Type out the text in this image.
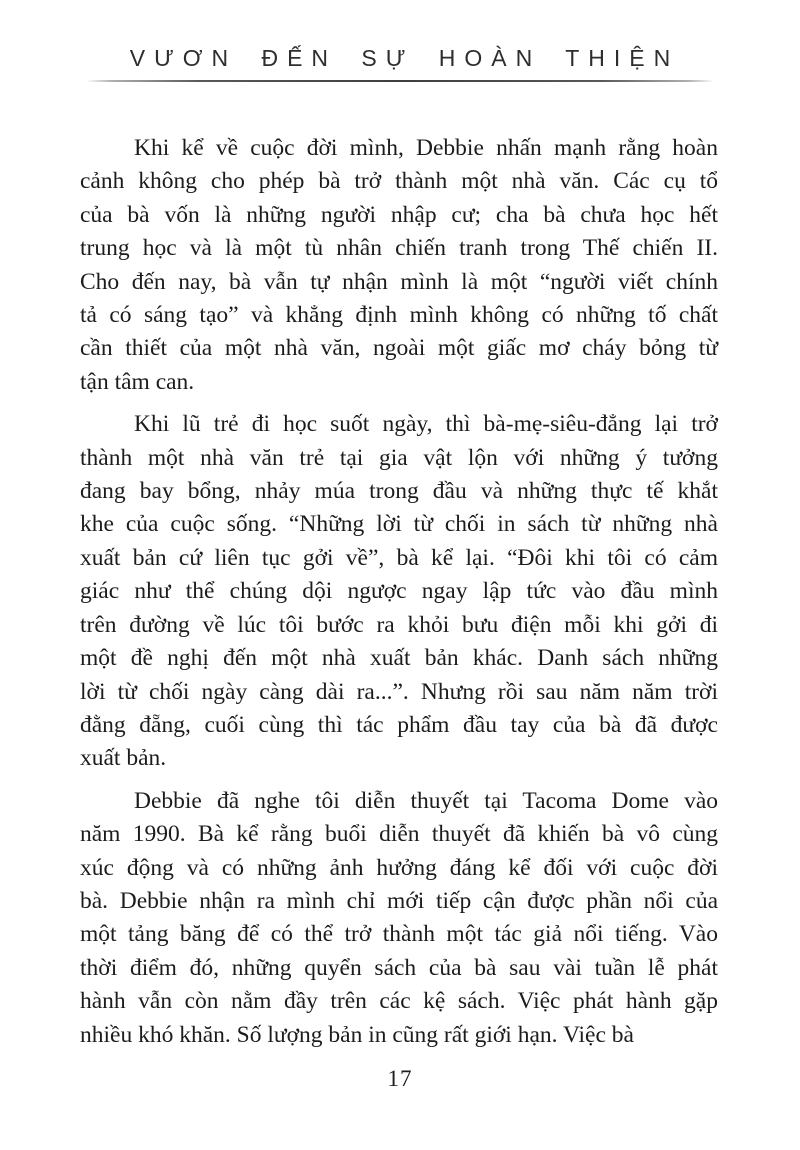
VƯƠN ĐẾN SỰ HOÀN THIỆN
Khi kể về cuộc đời mình, Debbie nhấn mạnh rằng hoàn
cảnh không cho phép bà trở thành một nhà văn. Các cụ tổ
của bà vốn là những người nhập cư; cha bà chưa học hết
trung học và là một tù nhân chiến tranh trong Thế chiến II.
Cho đến nay, bà vẫn tự nhận mình là một “người viết chính
tả có sáng tạo” và khẳng định mình không có những tố chất
cần thiết của một nhà văn, ngoài một giấc mơ cháy bỏng từ
tận tâm can.
Khi lũ trẻ đi học suốt ngày, thì bà-mẹ-siêu-đẳng lại trở
thành một nhà văn trẻ tại gia vật lộn với những ý tưởng
đang bay bổng, nhảy múa trong đầu và những thực tế khắt
khe của cuộc sống. “Những lời từ chối in sách từ những nhà
xuất bản cứ liên tục gởi về”, bà kể lại. “Đôi khi tôi có cảm
giác như thể chúng dội ngược ngay lập tức vào đầu mình
trên đường về lúc tôi bước ra khỏi bưu điện mỗi khi gởi đi
một đề nghị đến một nhà xuất bản khác. Danh sách những
lời từ chối ngày càng dài ra...”. Nhưng rồi sau năm năm trời
đằng đẵng, cuối cùng thì tác phẩm đầu tay của bà đã được
xuất bản.
Debbie đã nghe tôi diễn thuyết tại Tacoma Dome vào
năm 1990. Bà kể rằng buổi diễn thuyết đã khiến bà vô cùng
xúc động và có những ảnh hưởng đáng kể đối với cuộc đời
bà. Debbie nhận ra mình chỉ mới tiếp cận được phần nổi của
một tảng băng để có thể trở thành một tác giả nổi tiếng. Vào
thời điểm đó, những quyển sách của bà sau vài tuần lễ phát
hành vẫn còn nằm đầy trên các kệ sách. Việc phát hành gặp
nhiều khó khăn. Số lượng bản in cũng rất giới hạn. Việc bà
17
